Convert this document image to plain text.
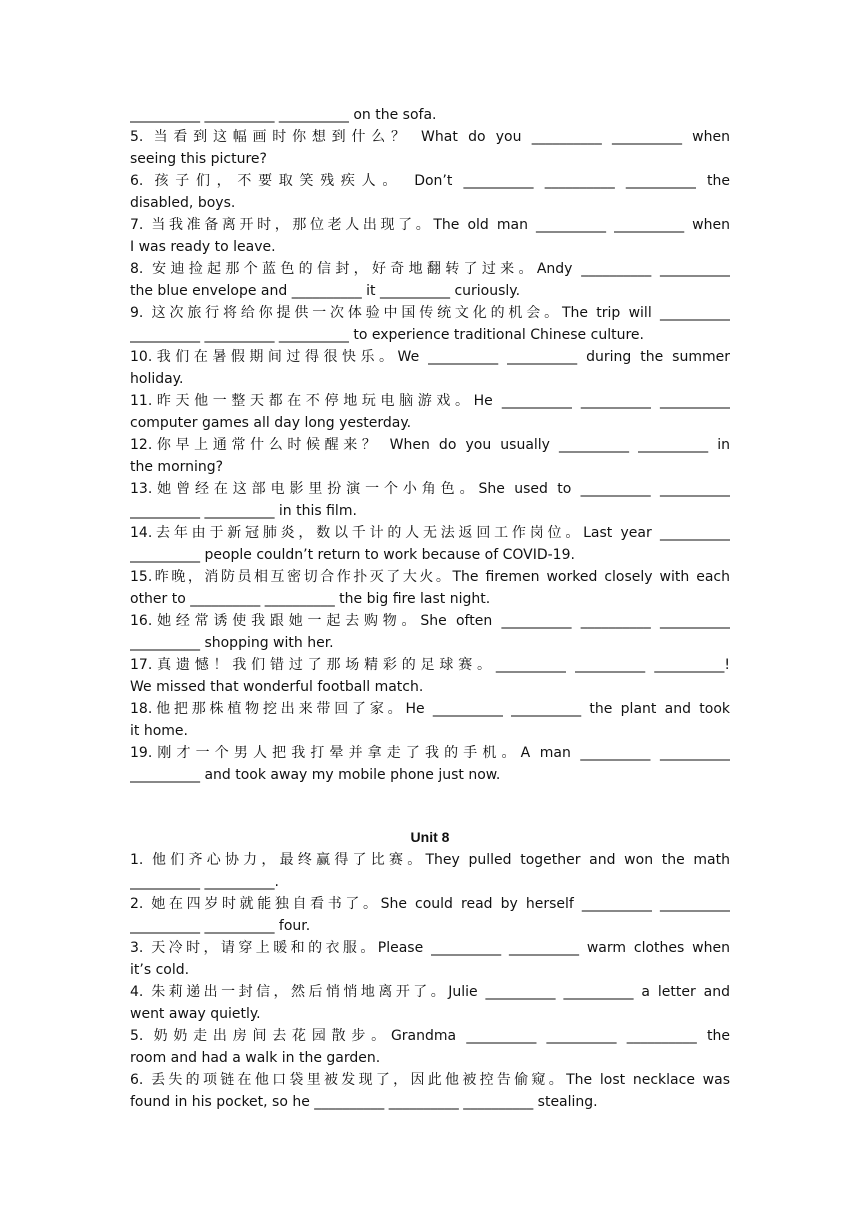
__________ __________ __________ on the sofa.
5. 当看到这幅画时你想到什么？ What do you __________ __________ when
seeing this picture?
6. 孩子们，不要取笑残疾人。 Don’t __________ __________ __________ the
disabled, boys.
7. 当我准备离开时，那位老人出现了。The old man __________ __________ when
I was ready to leave.
8. 安迪捡起那个蓝色的信封，好奇地翻转了过来。Andy __________ __________
the blue envelope and __________ it __________ curiously.
9. 这次旅行将给你提供一次体验中国传统文化的机会。The trip will __________
__________ __________ __________ to experience traditional Chinese culture.
10.我们在暑假期间过得很快乐。We __________ __________ during the summer
holiday.
11.昨天他一整天都在不停地玩电脑游戏。He __________ __________ __________
computer games all day long yesterday.
12.你早上通常什么时候醒来？ When do you usually __________ __________ in
the morning?
13.她曾经在这部电影里扮演一个小角色。She used to __________ __________
__________ __________ in this film.
14.去年由于新冠肺炎，数以千计的人无法返回工作岗位。Last year __________
__________ people couldn’t return to work because of COVID-19.
15.昨晚，消防员相互密切合作扑灭了大火。The firemen worked closely with each
other to __________ __________ the big fire last night.
16.她经常诱使我跟她一起去购物。She often __________ __________ __________
__________ shopping with her.
17.真遗憾！我们错过了那场精彩的足球赛。__________ __________ __________!
We missed that wonderful football match.
18.他把那株植物挖出来带回了家。He __________ __________ the plant and took
it home.
19.刚才一个男人把我打晕并拿走了我的手机。A man __________ __________
__________ and took away my mobile phone just now.
Unit 8
1. 他们齐心协力，最终赢得了比赛。They pulled together and won the math
__________ __________.
2. 她在四岁时就能独自看书了。She could read by herself __________ __________
__________ __________ four.
3. 天冷时，请穿上暖和的衣服。Please __________ __________ warm clothes when
it’s cold.
4. 朱莉递出一封信，然后悄悄地离开了。Julie __________ __________ a letter and
went away quietly.
5. 奶奶走出房间去花园散步。Grandma __________ __________ __________ the
room and had a walk in the garden.
6. 丢失的项链在他口袋里被发现了，因此他被控告偷窥。The lost necklace was
found in his pocket, so he __________ __________ __________ stealing.
